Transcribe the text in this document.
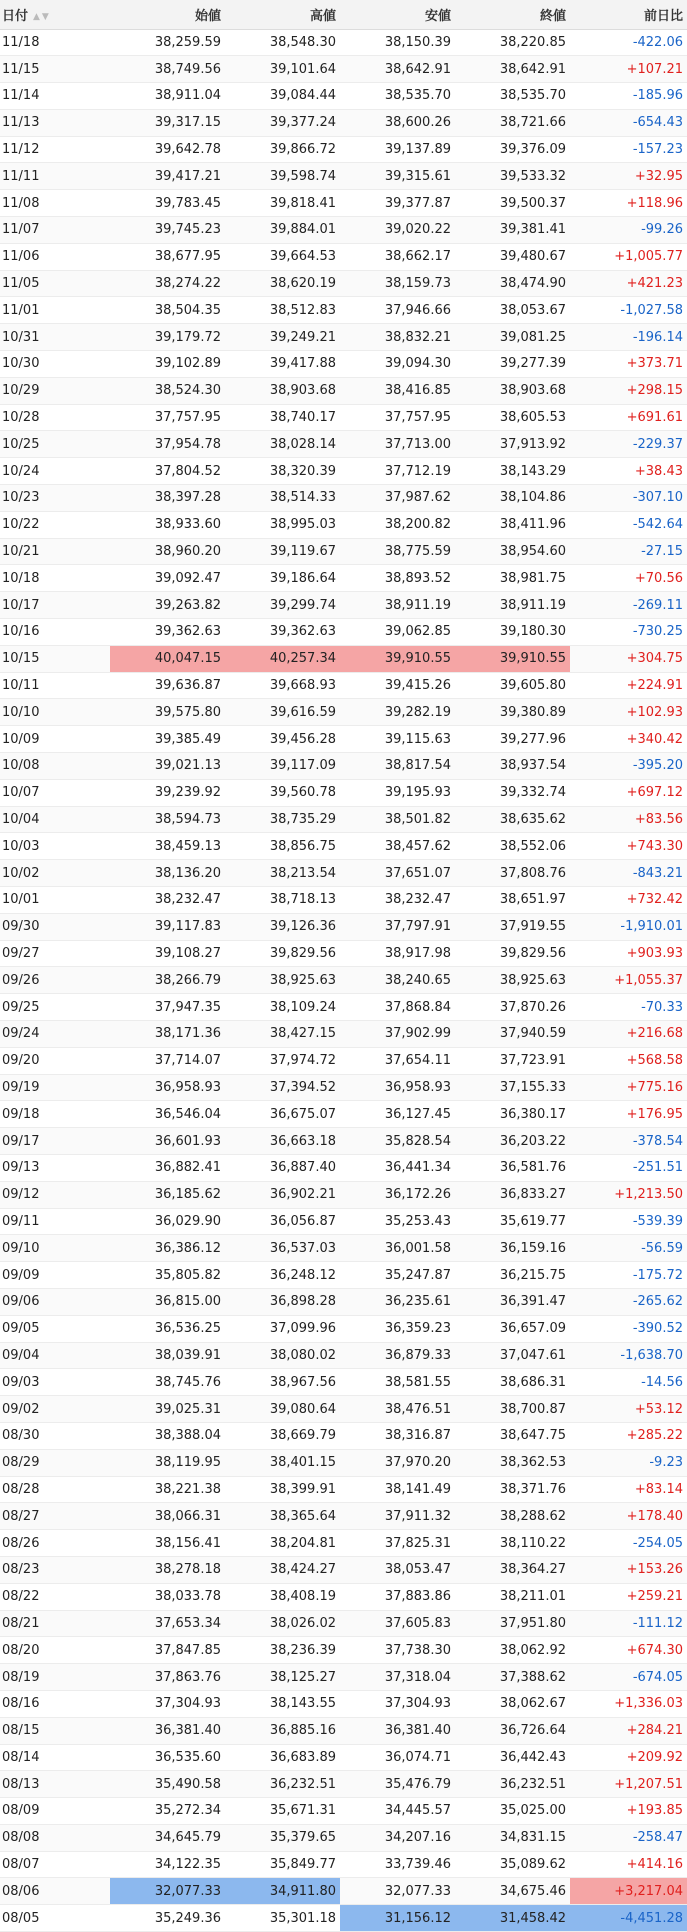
日付 ▲▼	始値	高値	安値	終値	前日比
11/18	38,259.59	38,548.30	38,150.39	38,220.85	-422.06
11/15	38,749.56	39,101.64	38,642.91	38,642.91	+107.21
11/14	38,911.04	39,084.44	38,535.70	38,535.70	-185.96
11/13	39,317.15	39,377.24	38,600.26	38,721.66	-654.43
11/12	39,642.78	39,866.72	39,137.89	39,376.09	-157.23
11/11	39,417.21	39,598.74	39,315.61	39,533.32	+32.95
11/08	39,783.45	39,818.41	39,377.87	39,500.37	+118.96
11/07	39,745.23	39,884.01	39,020.22	39,381.41	-99.26
11/06	38,677.95	39,664.53	38,662.17	39,480.67	+1,005.77
11/05	38,274.22	38,620.19	38,159.73	38,474.90	+421.23
11/01	38,504.35	38,512.83	37,946.66	38,053.67	-1,027.58
10/31	39,179.72	39,249.21	38,832.21	39,081.25	-196.14
10/30	39,102.89	39,417.88	39,094.30	39,277.39	+373.71
10/29	38,524.30	38,903.68	38,416.85	38,903.68	+298.15
10/28	37,757.95	38,740.17	37,757.95	38,605.53	+691.61
10/25	37,954.78	38,028.14	37,713.00	37,913.92	-229.37
10/24	37,804.52	38,320.39	37,712.19	38,143.29	+38.43
10/23	38,397.28	38,514.33	37,987.62	38,104.86	-307.10
10/22	38,933.60	38,995.03	38,200.82	38,411.96	-542.64
10/21	38,960.20	39,119.67	38,775.59	38,954.60	-27.15
10/18	39,092.47	39,186.64	38,893.52	38,981.75	+70.56
10/17	39,263.82	39,299.74	38,911.19	38,911.19	-269.11
10/16	39,362.63	39,362.63	39,062.85	39,180.30	-730.25
10/15	40,047.15	40,257.34	39,910.55	39,910.55	+304.75
10/11	39,636.87	39,668.93	39,415.26	39,605.80	+224.91
10/10	39,575.80	39,616.59	39,282.19	39,380.89	+102.93
10/09	39,385.49	39,456.28	39,115.63	39,277.96	+340.42
10/08	39,021.13	39,117.09	38,817.54	38,937.54	-395.20
10/07	39,239.92	39,560.78	39,195.93	39,332.74	+697.12
10/04	38,594.73	38,735.29	38,501.82	38,635.62	+83.56
10/03	38,459.13	38,856.75	38,457.62	38,552.06	+743.30
10/02	38,136.20	38,213.54	37,651.07	37,808.76	-843.21
10/01	38,232.47	38,718.13	38,232.47	38,651.97	+732.42
09/30	39,117.83	39,126.36	37,797.91	37,919.55	-1,910.01
09/27	39,108.27	39,829.56	38,917.98	39,829.56	+903.93
09/26	38,266.79	38,925.63	38,240.65	38,925.63	+1,055.37
09/25	37,947.35	38,109.24	37,868.84	37,870.26	-70.33
09/24	38,171.36	38,427.15	37,902.99	37,940.59	+216.68
09/20	37,714.07	37,974.72	37,654.11	37,723.91	+568.58
09/19	36,958.93	37,394.52	36,958.93	37,155.33	+775.16
09/18	36,546.04	36,675.07	36,127.45	36,380.17	+176.95
09/17	36,601.93	36,663.18	35,828.54	36,203.22	-378.54
09/13	36,882.41	36,887.40	36,441.34	36,581.76	-251.51
09/12	36,185.62	36,902.21	36,172.26	36,833.27	+1,213.50
09/11	36,029.90	36,056.87	35,253.43	35,619.77	-539.39
09/10	36,386.12	36,537.03	36,001.58	36,159.16	-56.59
09/09	35,805.82	36,248.12	35,247.87	36,215.75	-175.72
09/06	36,815.00	36,898.28	36,235.61	36,391.47	-265.62
09/05	36,536.25	37,099.96	36,359.23	36,657.09	-390.52
09/04	38,039.91	38,080.02	36,879.33	37,047.61	-1,638.70
09/03	38,745.76	38,967.56	38,581.55	38,686.31	-14.56
09/02	39,025.31	39,080.64	38,476.51	38,700.87	+53.12
08/30	38,388.04	38,669.79	38,316.87	38,647.75	+285.22
08/29	38,119.95	38,401.15	37,970.20	38,362.53	-9.23
08/28	38,221.38	38,399.91	38,141.49	38,371.76	+83.14
08/27	38,066.31	38,365.64	37,911.32	38,288.62	+178.40
08/26	38,156.41	38,204.81	37,825.31	38,110.22	-254.05
08/23	38,278.18	38,424.27	38,053.47	38,364.27	+153.26
08/22	38,033.78	38,408.19	37,883.86	38,211.01	+259.21
08/21	37,653.34	38,026.02	37,605.83	37,951.80	-111.12
08/20	37,847.85	38,236.39	37,738.30	38,062.92	+674.30
08/19	37,863.76	38,125.27	37,318.04	37,388.62	-674.05
08/16	37,304.93	38,143.55	37,304.93	38,062.67	+1,336.03
08/15	36,381.40	36,885.16	36,381.40	36,726.64	+284.21
08/14	36,535.60	36,683.89	36,074.71	36,442.43	+209.92
08/13	35,490.58	36,232.51	35,476.79	36,232.51	+1,207.51
08/09	35,272.34	35,671.31	34,445.57	35,025.00	+193.85
08/08	34,645.79	35,379.65	34,207.16	34,831.15	-258.47
08/07	34,122.35	35,849.77	33,739.46	35,089.62	+414.16
08/06	32,077.33	34,911.80	32,077.33	34,675.46	+3,217.04
08/05	35,249.36	35,301.18	31,156.12	31,458.42	-4,451.28
